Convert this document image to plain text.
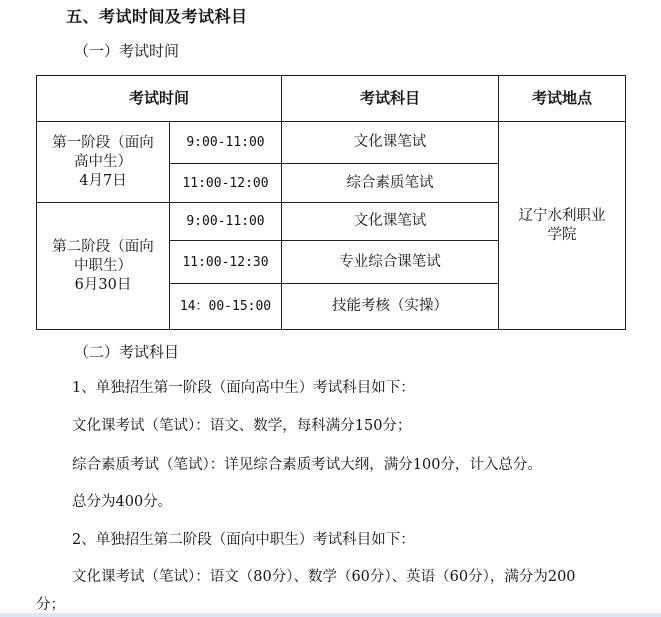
五、考试时间及考试科目
（一）考试时间
考试时间		考试科目	考试地点

第一阶段（面向
高中生）
4月7日	9:00-11:00	文化课笔试	辽宁水利职业
学院

	11:00-12:00	综合素质笔试	

第二阶段（面向
中职生）
6月30日	9:00-11:00	文化课笔试	
	11:00-12:30	专业综合课笔试	
	14：00-15:00	技能考核（实操）	
（二）考试科目
1、单独招生第一阶段（面向高中生）考试科目如下：
文化课考试（笔试）：语文、数学，每科满分150分；
综合素质考试（笔试）：详见综合素质考试大纲，满分100分，计入总分。
总分为400分。
2、单独招生第二阶段（面向中职生）考试科目如下：
文化课考试（笔试）：语文（80分）、数学（60分）、英语（60分），满分为200
分；
